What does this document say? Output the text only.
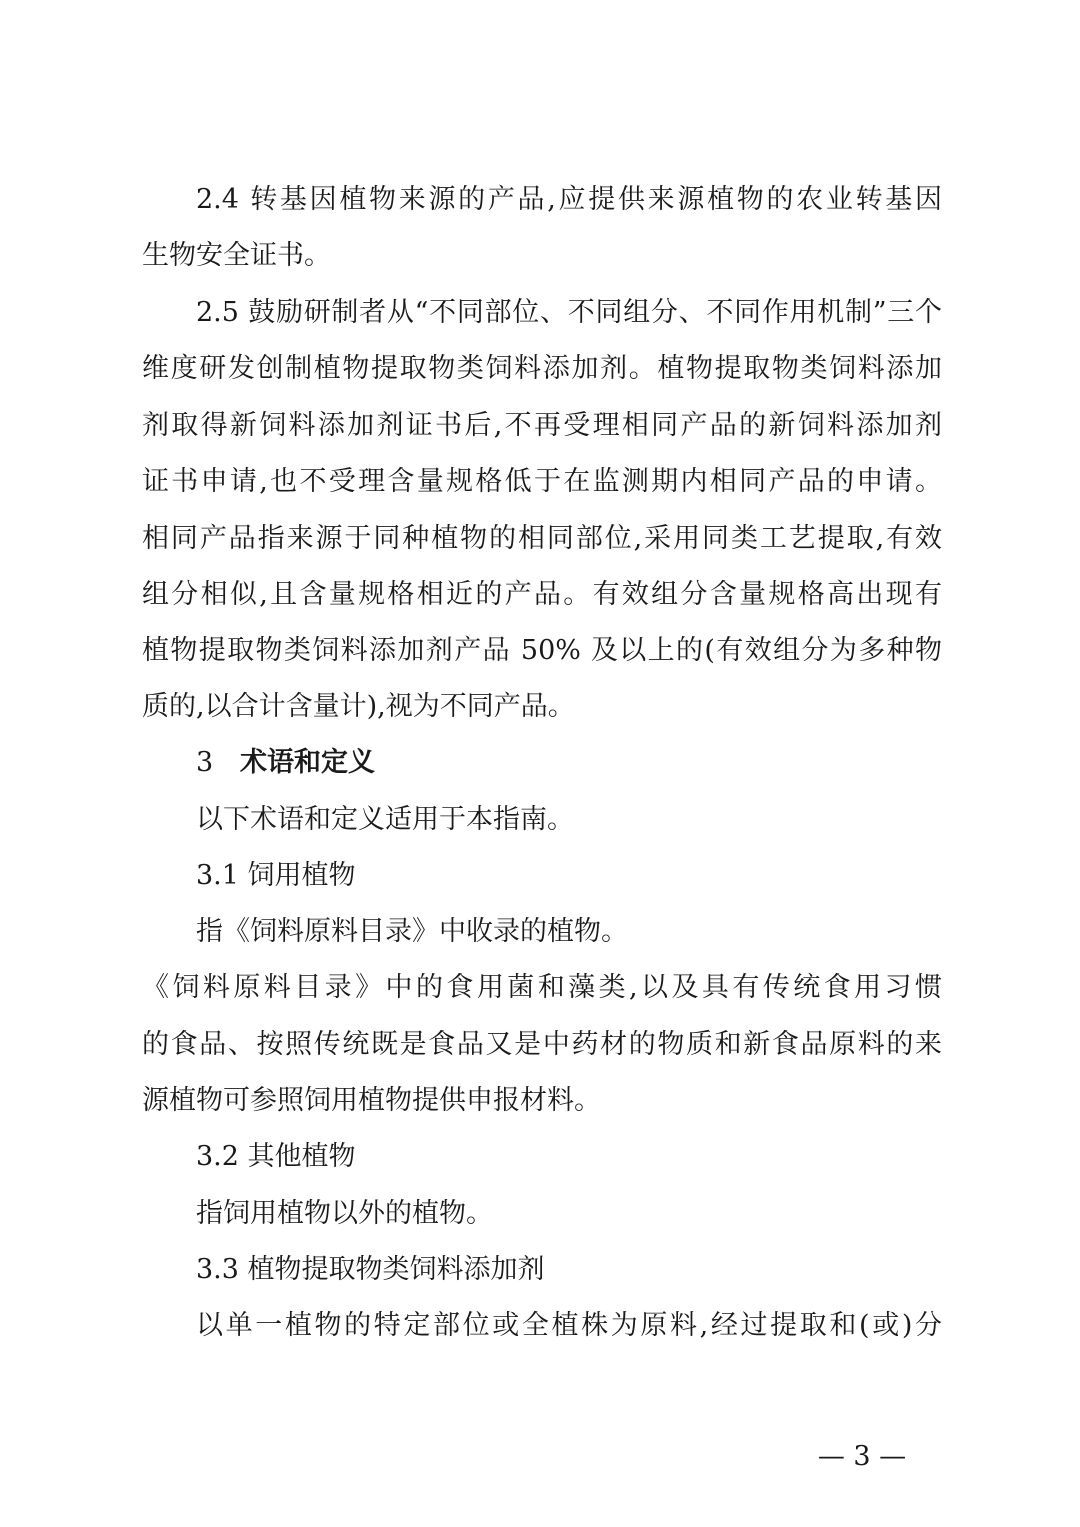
2.4 转基因植物来源的产品,应提供来源植物的农业转基因
生物安全证书。
2.5 鼓励研制者从“不同部位、不同组分、不同作用机制”三个
维度研发创制植物提取物类饲料添加剂。植物提取物类饲料添加
剂取得新饲料添加剂证书后,不再受理相同产品的新饲料添加剂
证书申请,也不受理含量规格低于在监测期内相同产品的申请。
相同产品指来源于同种植物的相同部位,采用同类工艺提取,有效
组分相似,且含量规格相近的产品。有效组分含量规格高出现有
植物提取物类饲料添加剂产品 50% 及以上的(有效组分为多种物
质的,以合计含量计),视为不同产品。
3 术语和定义
以下术语和定义适用于本指南。
3.1 饲用植物
指《饲料原料目录》中收录的植物。
《饲料原料目录》中的食用菌和藻类,以及具有传统食用习惯
的食品、按照传统既是食品又是中药材的物质和新食品原料的来
源植物可参照饲用植物提供申报材料。
3.2 其他植物
指饲用植物以外的植物。
3.3 植物提取物类饲料添加剂
以单一植物的特定部位或全植株为原料,经过提取和(或)分
— 3 —
